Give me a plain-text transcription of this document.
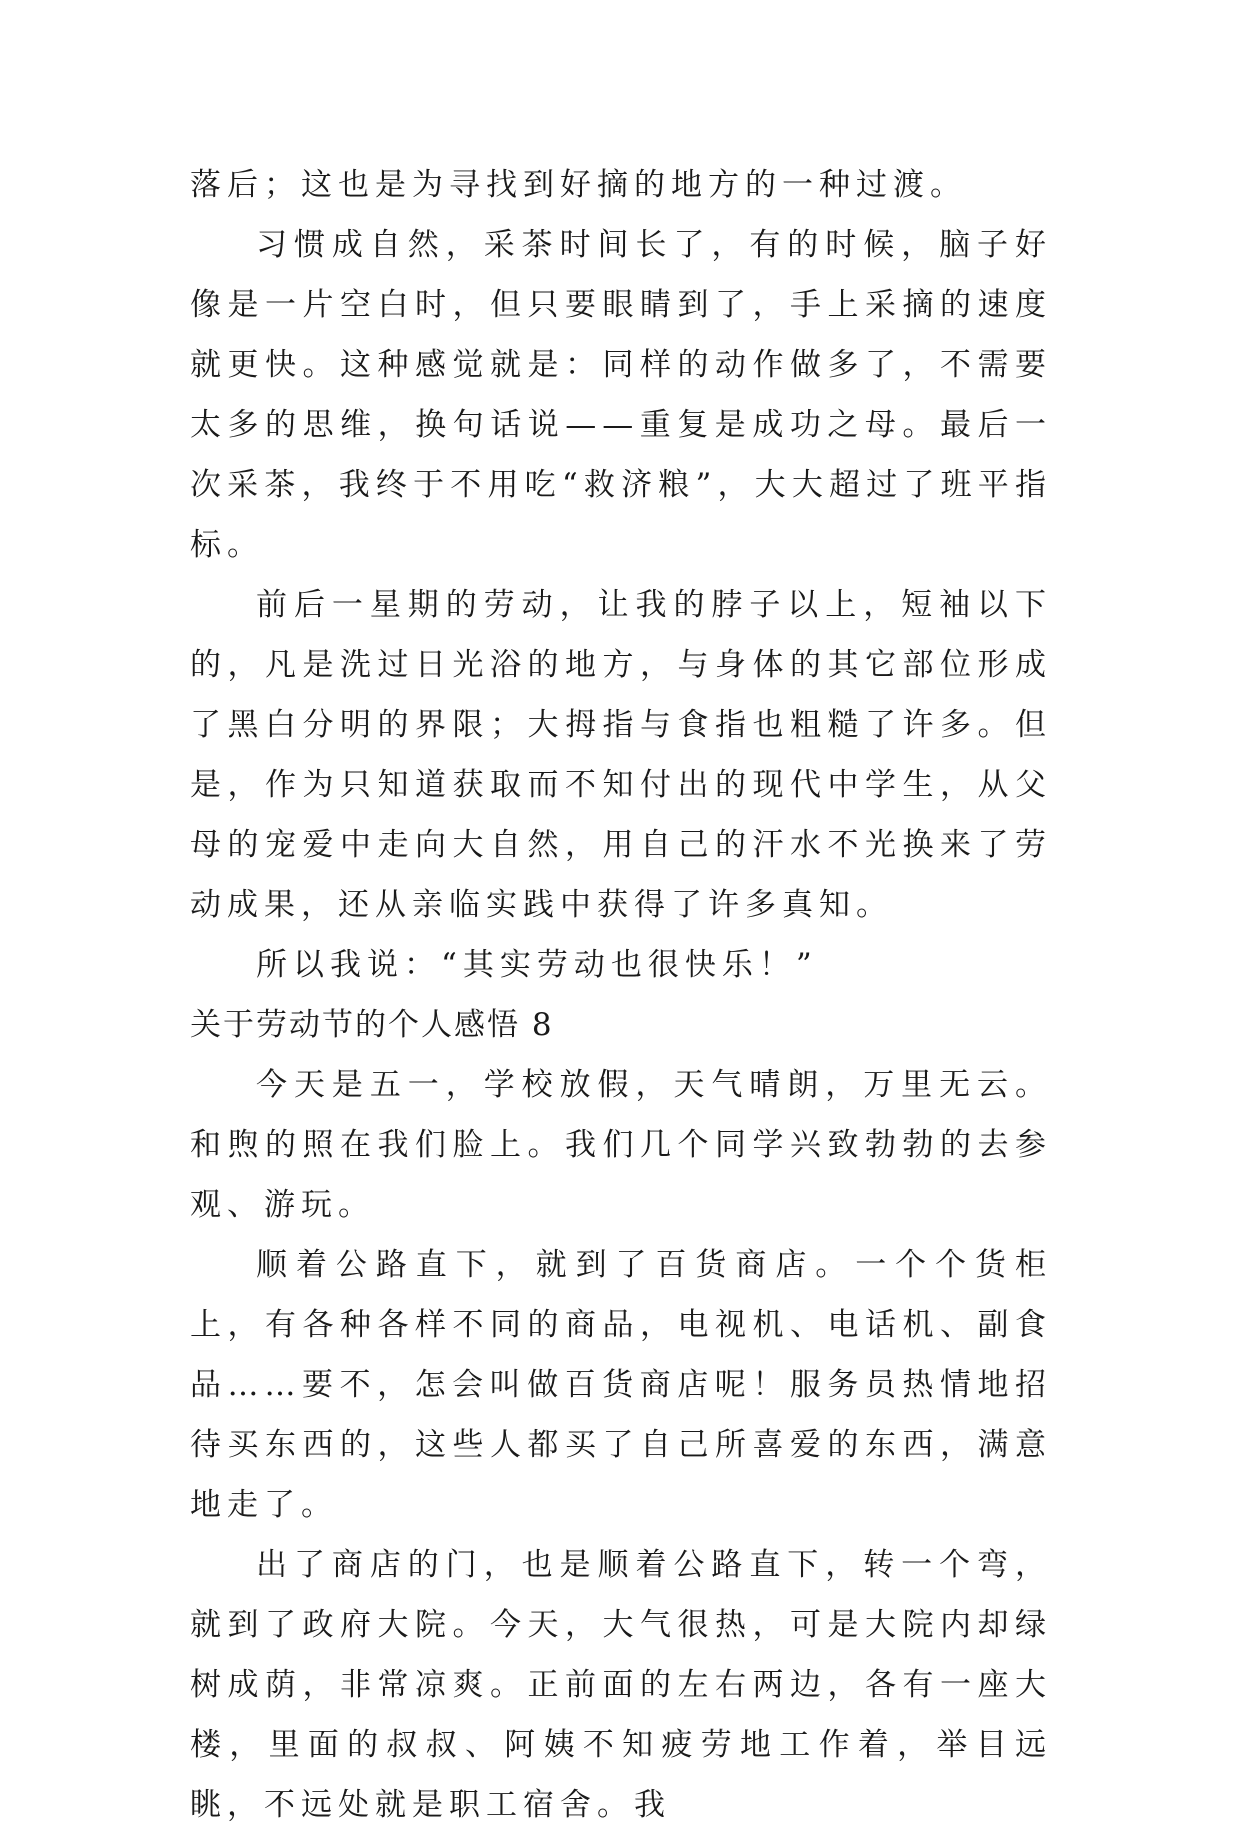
落后；这也是为寻找到好摘的地方的一种过渡。

习惯成自然，采茶时间长了，有的时候，脑子好像是一片空白时，但只要眼睛到了，手上采摘的速度就更快。这种感觉就是：同样的动作做多了，不需要太多的思维，换句话说——重复是成功之母。最后一次采茶，我终于不用吃“救济粮”，大大超过了班平指标。

前后一星期的劳动，让我的脖子以上，短袖以下的，凡是洗过日光浴的地方，与身体的其它部位形成了黑白分明的界限；大拇指与食指也粗糙了许多。但是，作为只知道获取而不知付出的现代中学生，从父母的宠爱中走向大自然，用自己的汗水不光换来了劳动成果，还从亲临实践中获得了许多真知。

所以我说：“其实劳动也很快乐！”

关于劳动节的个人感悟 8

今天是五一，学校放假，天气晴朗，万里无云。和煦的照在我们脸上。我们几个同学兴致勃勃的去参观、游玩。

顺着公路直下，就到了百货商店。一个个货柜上，有各种各样不同的商品，电视机、电话机、副食品……要不，怎会叫做百货商店呢！服务员热情地招待买东西的，这些人都买了自己所喜爱的东西，满意地走了。

出了商店的门，也是顺着公路直下，转一个弯，就到了政府大院。今天，大气很热，可是大院内却绿树成荫，非常凉爽。正前面的左右两边，各有一座大楼，里面的叔叔、阿姨不知疲劳地工作着，举目远眺，不远处就是职工宿舍。我
